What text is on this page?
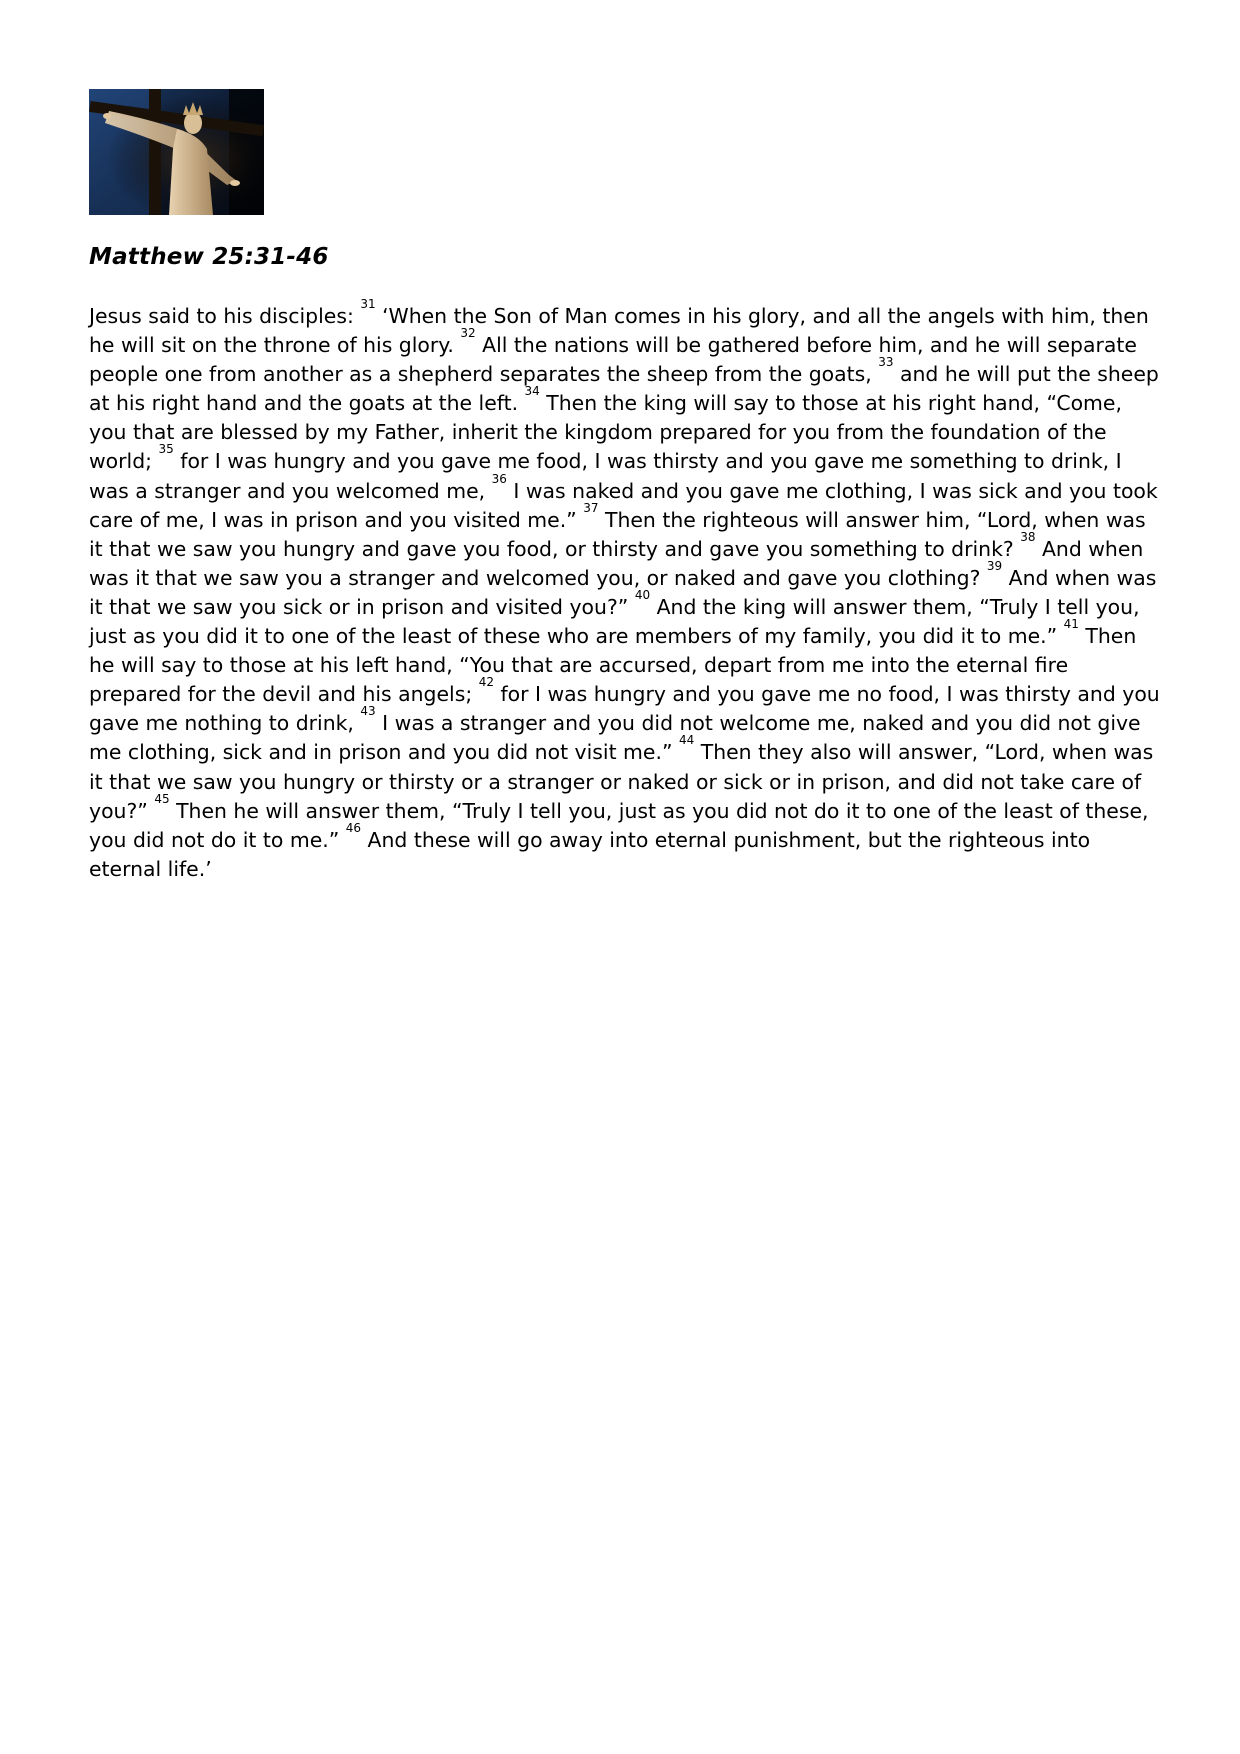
Matthew 25:31-46
Jesus said to his disciples: $^{31}$ ‘When the Son of Man comes in his glory, and all the angels with him, then he will sit on the throne of his glory. $^{32}$ All the nations will be gathered before him, and he will separate people one from another as a shepherd separates the sheep from the goats, $^{33}$ and he will put the sheep at his right hand and the goats at the left. $^{34}$ Then the king will say to those at his right hand, “Come, you that are blessed by my Father, inherit the kingdom prepared for you from the foundation of the world; $^{35}$ for I was hungry and you gave me food, I was thirsty and you gave me something to drink, I was a stranger and you welcomed me, $^{36}$ I was naked and you gave me clothing, I was sick and you took care of me, I was in prison and you visited me.” $^{37}$ Then the righteous will answer him, “Lord, when was it that we saw you hungry and gave you food, or thirsty and gave you something to drink? $^{38}$ And when was it that we saw you a stranger and welcomed you, or naked and gave you clothing? $^{39}$ And when was it that we saw you sick or in prison and visited you?” $^{40}$ And the king will answer them, “Truly I tell you, just as you did it to one of the least of these who are members of my family, you did it to me.” $^{41}$ Then he will say to those at his left hand, “You that are accursed, depart from me into the eternal fire prepared for the devil and his angels; $^{42}$ for I was hungry and you gave me no food, I was thirsty and you gave me nothing to drink, $^{43}$ I was a stranger and you did not welcome me, naked and you did not give me clothing, sick and in prison and you did not visit me.” $^{44}$ Then they also will answer, “Lord, when was it that we saw you hungry or thirsty or a stranger or naked or sick or in prison, and did not take care of you?” $^{45}$ Then he will answer them, “Truly I tell you, just as you did not do it to one of the least of these, you did not do it to me.” $^{46}$ And these will go away into eternal punishment, but the righteous into eternal life.’
